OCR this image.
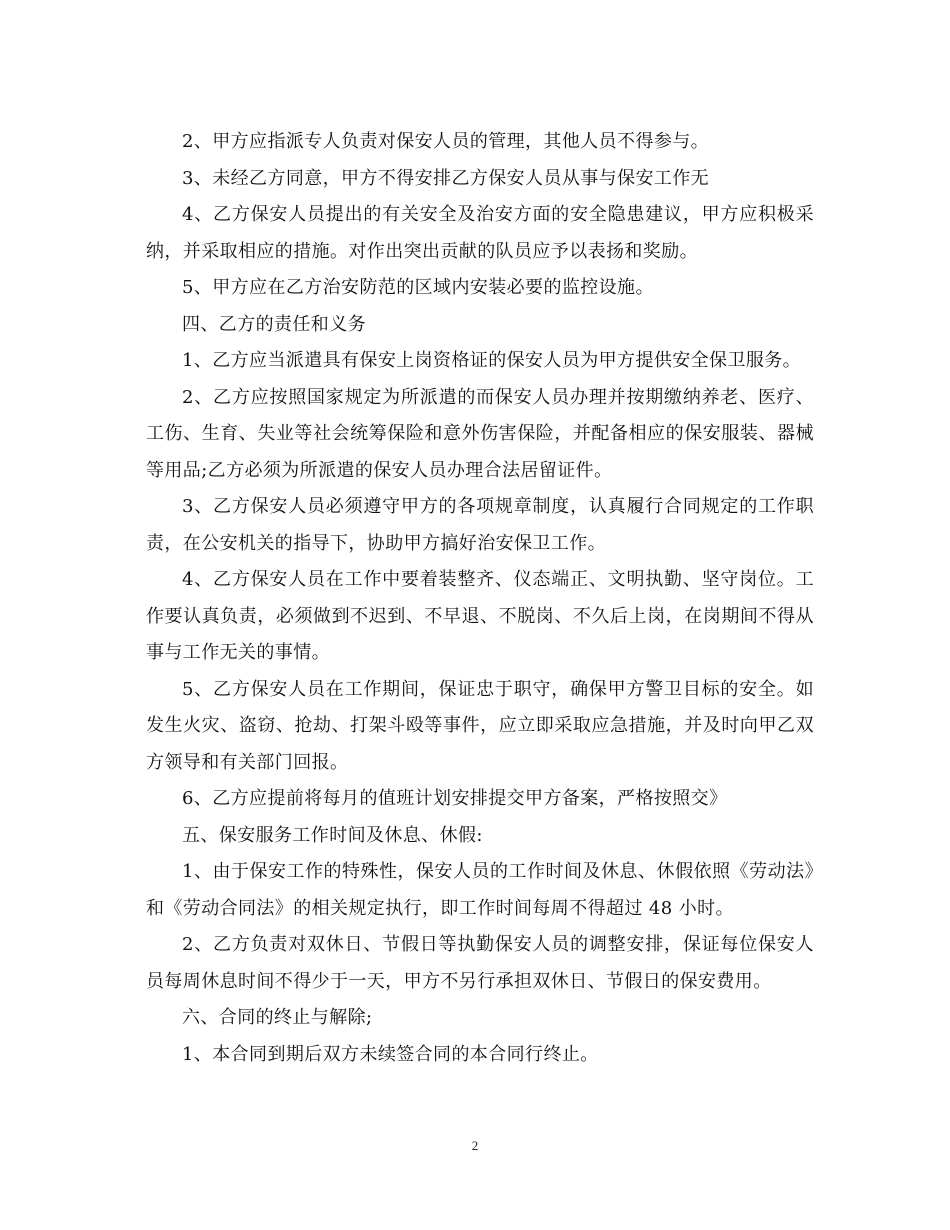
2、甲方应指派专人负责对保安人员的管理，其他人员不得参与。

3、未经乙方同意，甲方不得安排乙方保安人员从事与保安工作无

4、乙方保安人员提出的有关安全及治安方面的安全隐患建议，甲方应积极采纳，并采取相应的措施。对作出突出贡献的队员应予以表扬和奖励。

5、甲方应在乙方治安防范的区域内安装必要的监控设施。

四、乙方的责任和义务

1、乙方应当派遣具有保安上岗资格证的保安人员为甲方提供安全保卫服务。

2、乙方应按照国家规定为所派遣的而保安人员办理并按期缴纳养老、医疗、工伤、生育、失业等社会统筹保险和意外伤害保险，并配备相应的保安服装、器械等用品;乙方必须为所派遣的保安人员办理合法居留证件。

3、乙方保安人员必须遵守甲方的各项规章制度，认真履行合同规定的工作职责，在公安机关的指导下，协助甲方搞好治安保卫工作。

4、乙方保安人员在工作中要着装整齐、仪态端正、文明执勤、坚守岗位。工作要认真负责，必须做到不迟到、不早退、不脱岗、不久后上岗，在岗期间不得从事与工作无关的事情。

5、乙方保安人员在工作期间，保证忠于职守，确保甲方警卫目标的安全。如发生火灾、盗窃、抢劫、打架斗殴等事件，应立即采取应急措施，并及时向甲乙双方领导和有关部门回报。

6、乙方应提前将每月的值班计划安排提交甲方备案，严格按照交》

五、保安服务工作时间及休息、休假:

1、由于保安工作的特殊性，保安人员的工作时间及休息、休假依照《劳动法》和《劳动合同法》的相关规定执行，即工作时间每周不得超过 48 小时。

2、乙方负责对双休日、节假日等执勤保安人员的调整安排，保证每位保安人员每周休息时间不得少于一天，甲方不另行承担双休日、节假日的保安费用。

六、合同的终止与解除;

1、本合同到期后双方未续签合同的本合同行终止。

2
